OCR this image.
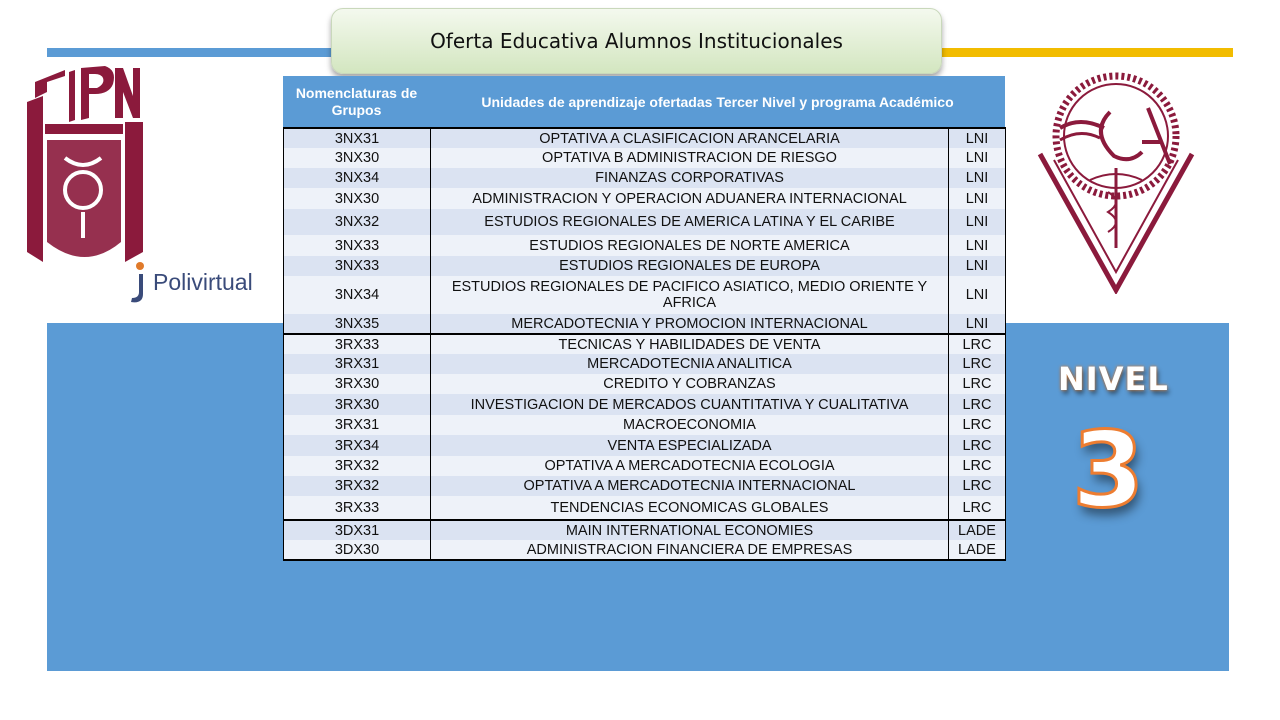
Oferta Educativa Alumnos Institucionales
Polivirtual
NIVEL
3
Nomenclaturas de Grupos	Unidades de aprendizaje ofertadas Tercer Nivel y programa Académico
3NX31	OPTATIVA A CLASIFICACION ARANCELARIA	LNI
3NX30	OPTATIVA B ADMINISTRACION DE RIESGO	LNI
3NX34	FINANZAS CORPORATIVAS	LNI
3NX30	ADMINISTRACION Y OPERACION ADUANERA INTERNACIONAL	LNI
3NX32	ESTUDIOS REGIONALES DE AMERICA LATINA Y EL CARIBE	LNI
3NX33	ESTUDIOS REGIONALES DE NORTE AMERICA	LNI
3NX33	ESTUDIOS REGIONALES DE EUROPA	LNI
3NX34	ESTUDIOS REGIONALES DE PACIFICO ASIATICO, MEDIO ORIENTE Y AFRICA	LNI
3NX35	MERCADOTECNIA Y PROMOCION INTERNACIONAL	LNI
3RX33	TECNICAS Y HABILIDADES DE VENTA	LRC
3RX31	MERCADOTECNIA ANALITICA	LRC
3RX30	CREDITO Y COBRANZAS	LRC
3RX30	INVESTIGACION DE MERCADOS CUANTITATIVA Y CUALITATIVA	LRC
3RX31	MACROECONOMIA	LRC
3RX34	VENTA ESPECIALIZADA	LRC
3RX32	OPTATIVA A MERCADOTECNIA ECOLOGIA	LRC
3RX32	OPTATIVA A MERCADOTECNIA INTERNACIONAL	LRC
3RX33	TENDENCIAS ECONOMICAS GLOBALES	LRC
3DX31	MAIN INTERNATIONAL ECONOMIES	LADE
3DX30	ADMINISTRACION FINANCIERA DE EMPRESAS	LADE
